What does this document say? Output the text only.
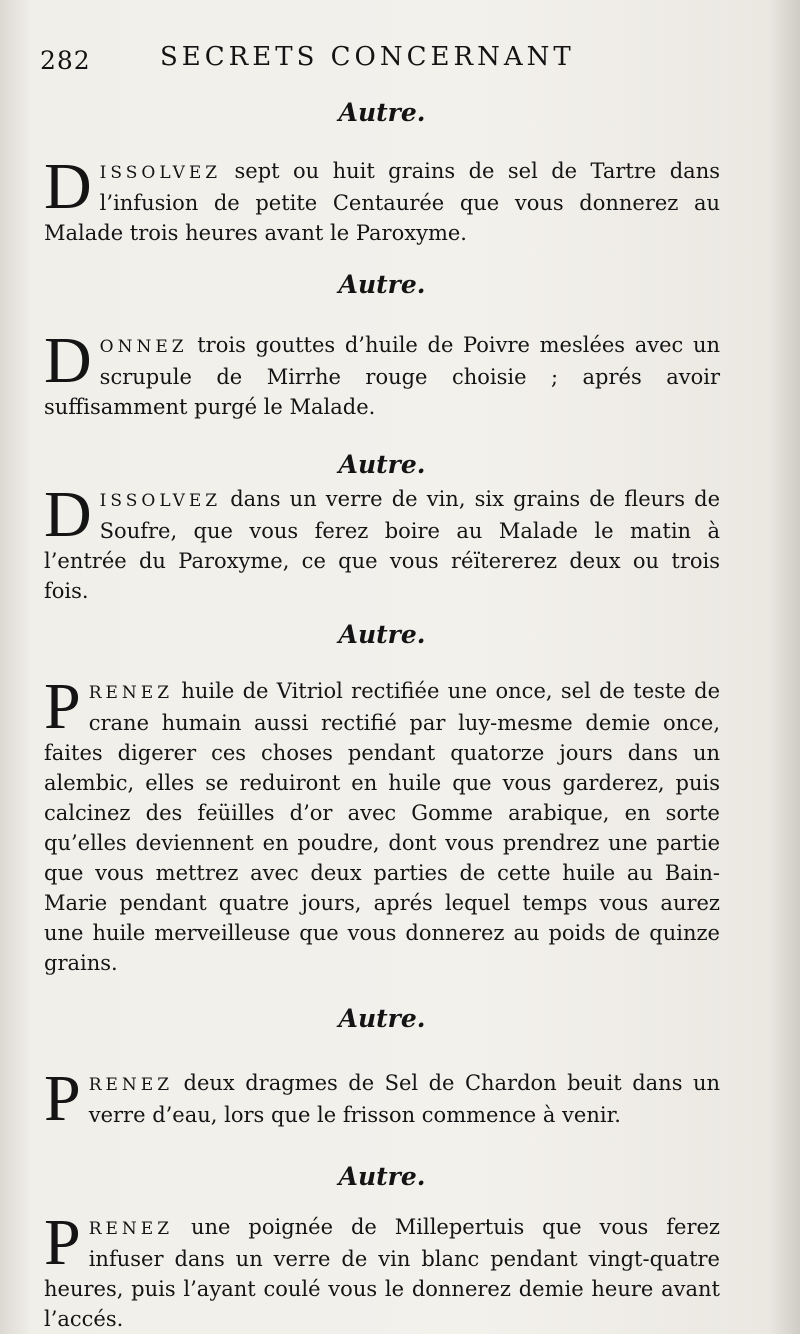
282	SECRETS CONCERNANT
Autre.

DISSOLVEZ sept ou huit grains de sel de Tartre dans l’infusion de petite Centaurée que vous donnerez au Malade trois heures avant le Paroxyme.

Autre.

DONNEZ trois gouttes d’huile de Poivre meslées avec un scrupule de Mirrhe rouge choisie ; aprés avoir suffisamment purgé le Malade.

Autre.

DISSOLVEZ dans un verre de vin, six grains de fleurs de Soufre, que vous ferez boire au Malade le matin à l’entrée du Paroxyme, ce que vous réïtererez deux ou trois fois.

Autre.

PRENEZ huile de Vitriol rectifiée une once, sel de teste de crane humain aussi rectifié par luy-mesme demie once, faites digerer ces choses pendant quatorze jours dans un alembic, elles se reduiront en huile que vous garderez, puis calcinez des feüilles d’or avec Gomme arabique, en sorte qu’elles deviennent en poudre, dont vous prendrez une partie que vous mettrez avec deux parties de cette huile au Bain-Marie pendant quatre jours, aprés lequel temps vous aurez une huile merveilleuse que vous donnerez au poids de quinze grains.

Autre.

PRENEZ deux dragmes de Sel de Chardon beuit dans un verre d’eau, lors que le frisson commence à venir.

Autre.

PRENEZ une poignée de Millepertuis que vous ferez infuser dans un verre de vin blanc pendant vingt-quatre heures, puis l’ayant coulé vous le donnerez demie heure avant l’accés.
